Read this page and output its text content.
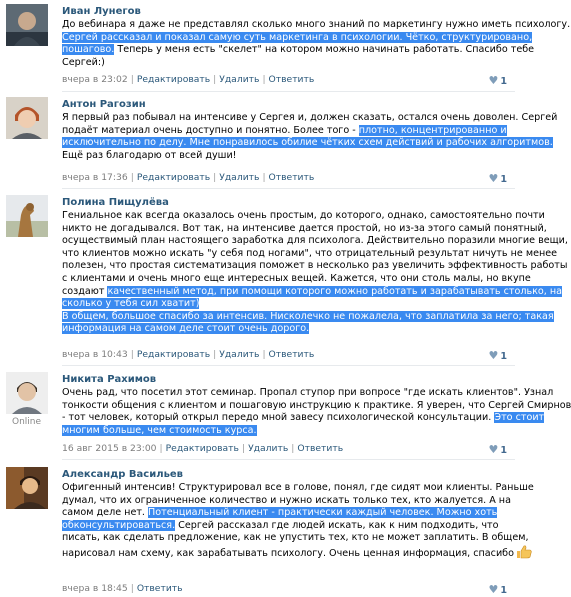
Иван Лунегов
До вебинара я даже не представлял сколько много знаний по маркетингу нужно иметь психологу.
Сергей рассказал и показал самую суть маркетинга в психологии. Чётко, структурировано,
пошагово. Теперь у меня есть "скелет" на котором можно начинать работать. Спасибо тебе
Сергей:)
вчера в 23:02 | Редактировать | Удалить | Ответить	♥ 1
Антон Рагозин
Я первый раз побывал на интенсиве у Сергея и, должен сказать, остался очень доволен. Сергей
подаёт материал очень доступно и понятно. Более того - плотно, концентрированно и
исключительно по делу. Мне понравилось обилие чётких схем действий и рабочих алгоритмов.
Ещё раз благодарю от всей души!
вчера в 17:36 | Редактировать | Удалить | Ответить	♥ 1
Полина Пищулёва
Гениальное как всегда оказалось очень простым, до которого, однако, самостоятельно почти
никто не догадывался. Вот так, на интенсиве дается простой, но из-за этого самый понятный,
осуществимый план настоящего заработка для психолога. Действительно поразили многие вещи,
что клиентов можно искать "у себя под ногами", что отрицательный результат ничуть не менее
полезен, что простая систематизация поможет в несколько раз увеличить эффективность работы
с клиентами и очень много еще интересных вещей. Кажется, что они столь малы, но вкупе
создают качественный метод, при помощи которого можно работать и зарабатывать столько, на
сколько у тебя сил хватит)
В общем, большое спасибо за интенсив. Нисколечко не пожалела, что заплатила за него; такая
информация на самом деле стоит очень дорого.
вчера в 10:43 | Редактировать | Удалить | Ответить	♥ 1
Online
Никита Рахимов
Очень рад, что посетил этот семинар. Пропал ступор при вопросе "где искать клиентов". Узнал
тонкости общения с клиентом и пошаговую инструкцию к практике. Я уверен, что Сергей Смирнов
- тот человек, который открыл передо мной завесу психологической консультации. Это стоит
многим больше, чем стоимость курса.
16 авг 2015 в 23:00 | Редактировать | Удалить | Ответить	♥ 1
Александр Васильев
Офигенный интенсив! Структурировал все в голове, понял, где сидят мои клиенты. Раньше
думал, что их ограниченное количество и нужно искать только тех, кто жалуется. А на
самом деле нет. Потенциальный клиент - практически каждый человек. Можно хоть
обконсультироваться. Сергей рассказал где людей искать, как к ним подходить, что
писать, как сделать предложение, как не упустить тех, кто не может заплатить. В общем,
нарисовал нам схему, как зарабатывать психологу. Очень ценная информация, спасибо
вчера в 18:45 | Ответить	♥ 1
